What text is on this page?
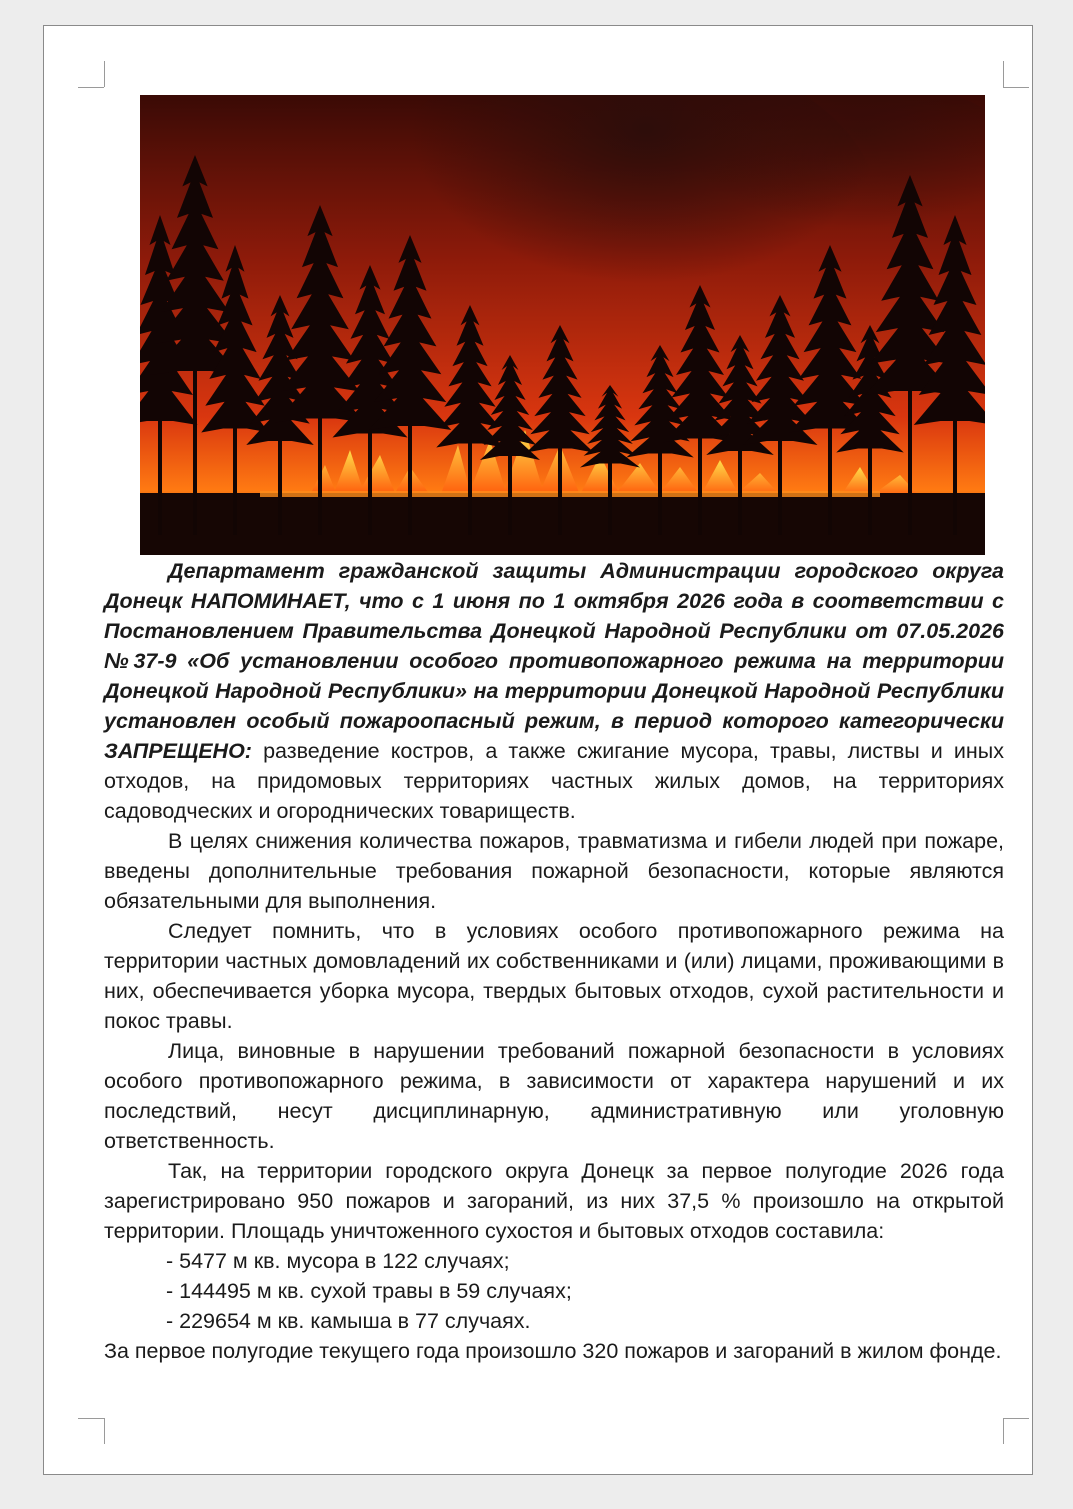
Департамент гражданской защиты Администрации городского округа Донецк НАПОМИНАЕТ, что с 1 июня по 1 октября 2026 года в соответствии с Постановлением Правительства Донецкой Народной Республики от 07.05.2026 №37-9 «Об установлении особого противопожарного режима на территории Донецкой Народной Республики» на территории Донецкой Народной Республики установлен особый пожароопасный режим, в период которого категорически ЗАПРЕЩЕНО: разведение костров, а также сжигание мусора, травы, листвы и иных отходов, на придомовых территориях частных жилых домов, на территориях садоводческих и огороднических товариществ.

В целях снижения количества пожаров, травматизма и гибели людей при пожаре, введены дополнительные требования пожарной безопасности, которые являются обязательными для выполнения.

Следует помнить, что в условиях особого противопожарного режима на территории частных домовладений их собственниками и (или) лицами, проживающими в них, обеспечивается уборка мусора, твердых бытовых отходов, сухой растительности и покос травы.

Лица, виновные в нарушении требований пожарной безопасности в условиях особого противопожарного режима, в зависимости от характера нарушений и их последствий, несут дисциплинарную, административную или уголовную ответственность.

Так, на территории городского округа Донецк за первое полугодие 2026 года зарегистрировано 950 пожаров и загораний, из них 37,5 % произошло на открытой территории. Площадь уничтоженного сухостоя и бытовых отходов составила:

- 5477 м кв. мусора в 122 случаях;

- 144495 м кв. сухой травы в 59 случаях;

- 229654 м кв. камыша в 77 случаях.

За первое полугодие текущего года произошло 320 пожаров и загораний в жилом фонде.
